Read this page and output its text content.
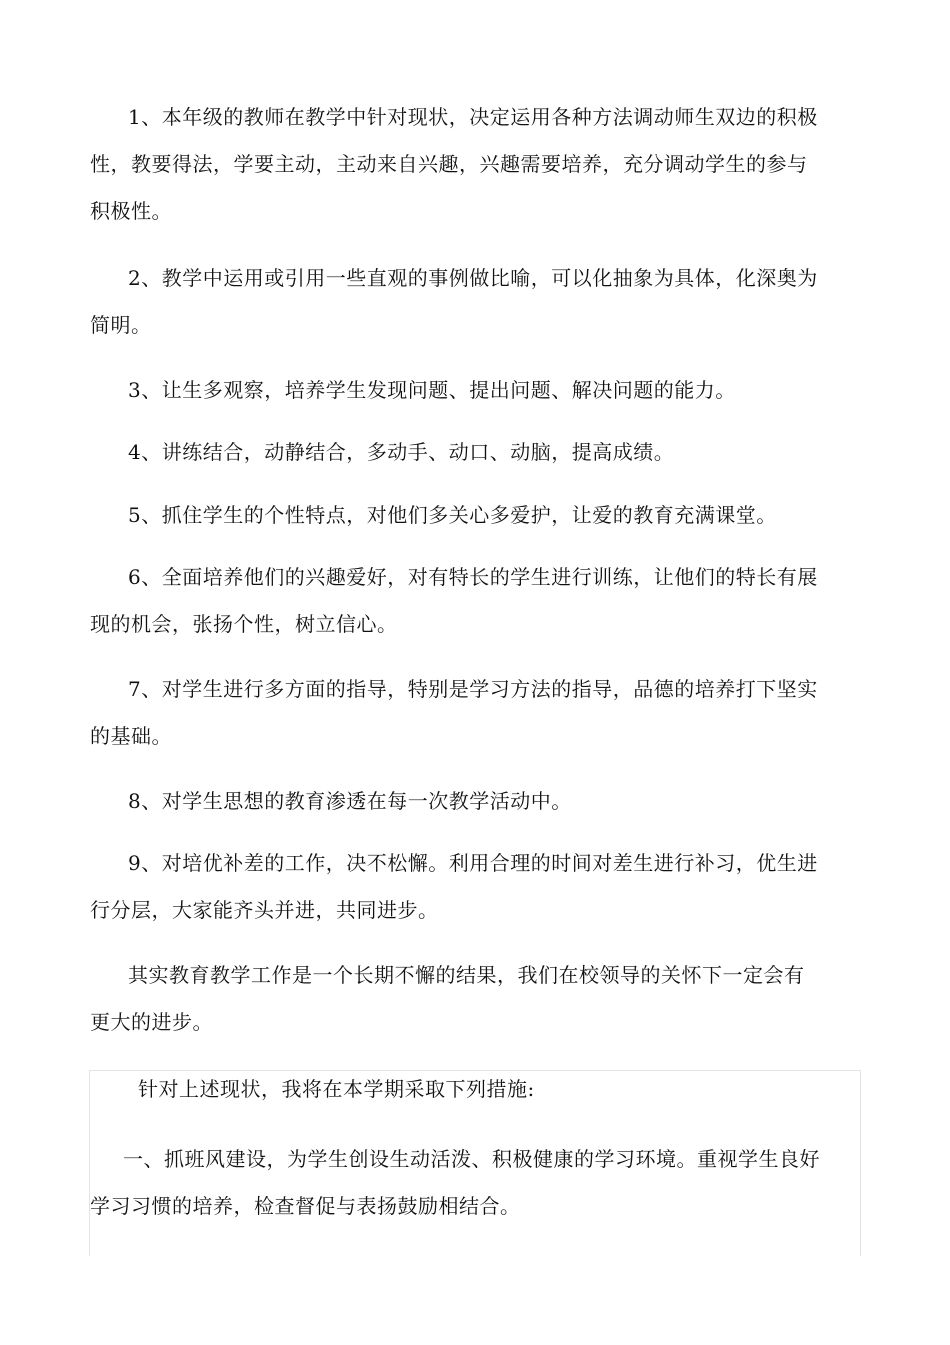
1、本年级的教师在教学中针对现状，决定运用各种方法调动师生双边的积极性，教要得法，学要主动，主动来自兴趣，兴趣需要培养，充分调动学生的参与积极性。

2、教学中运用或引用一些直观的事例做比喻，可以化抽象为具体，化深奥为简明。

3、让生多观察，培养学生发现问题、提出问题、解决问题的能力。

4、讲练结合，动静结合，多动手、动口、动脑，提高成绩。

5、抓住学生的个性特点，对他们多关心多爱护，让爱的教育充满课堂。

6、全面培养他们的兴趣爱好，对有特长的学生进行训练，让他们的特长有展现的机会，张扬个性，树立信心。

7、对学生进行多方面的指导，特别是学习方法的指导，品德的培养打下坚实的基础。

8、对学生思想的教育渗透在每一次教学活动中。

9、对培优补差的工作，决不松懈。利用合理的时间对差生进行补习，优生进行分层，大家能齐头并进，共同进步。

其实教育教学工作是一个长期不懈的结果，我们在校领导的关怀下一定会有更大的进步。

针对上述现状，我将在本学期采取下列措施:

一、抓班风建设，为学生创设生动活泼、积极健康的学习环境。重视学生良好学习习惯的培养，检查督促与表扬鼓励相结合。
